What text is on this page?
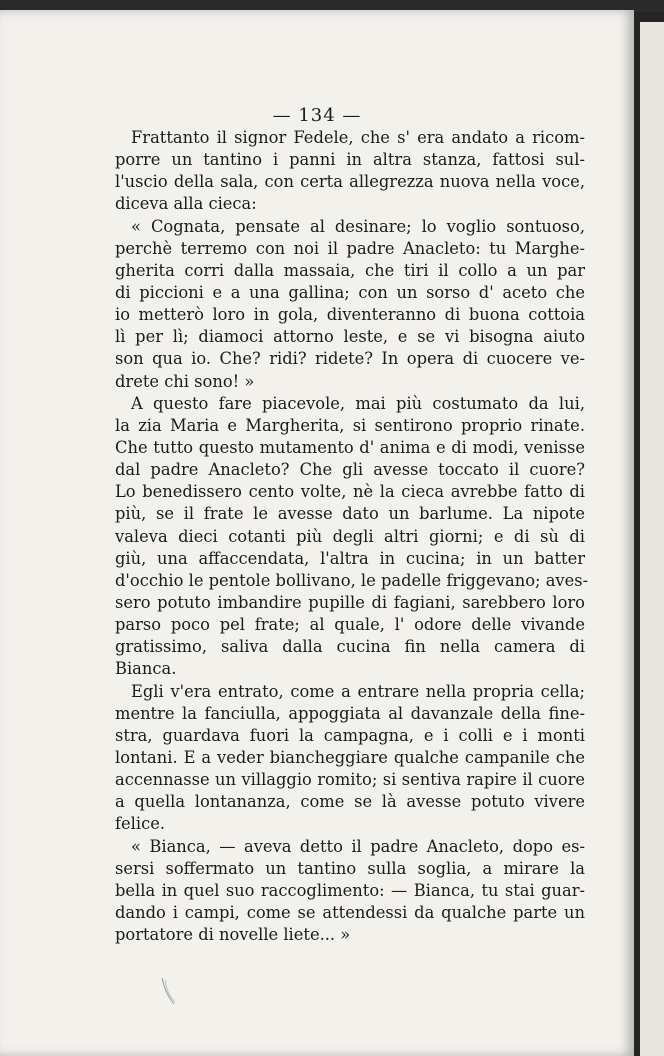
— 134 —
Frattanto il signor Fedele, che s' era andato a ricom-
porre un tantino i panni in altra stanza, fattosi sul-
l'uscio della sala, con certa allegrezza nuova nella voce,
diceva alla cieca:
« Cognata, pensate al desinare; lo voglio sontuoso,
perchè terremo con noi il padre Anacleto: tu Marghe-
gherita corri dalla massaia, che tiri il collo a un par
di piccioni e a una gallina; con un sorso d' aceto che
io metterò loro in gola, diventeranno di buona cottoia
lì per lì; diamoci attorno leste, e se vi bisogna aiuto
son qua io. Che? ridi? ridete? In opera di cuocere ve-
drete chi sono! »
A questo fare piacevole, mai più costumato da lui,
la zia Maria e Margherita, si sentirono proprio rinate.
Che tutto questo mutamento d' anima e di modi, venisse
dal padre Anacleto? Che gli avesse toccato il cuore?
Lo benedissero cento volte, nè la cieca avrebbe fatto di
più, se il frate le avesse dato un barlume. La nipote
valeva dieci cotanti più degli altri giorni; e di sù di
giù, una affaccendata, l'altra in cucina; in un batter
d'occhio le pentole bollivano, le padelle friggevano; aves-
sero potuto imbandire pupille di fagiani, sarebbero loro
parso poco pel frate; al quale, l' odore delle vivande
gratissimo, saliva dalla cucina fin nella camera di
Bianca.
Egli v'era entrato, come a entrare nella propria cella;
mentre la fanciulla, appoggiata al davanzale della fine-
stra, guardava fuori la campagna, e i colli e i monti
lontani. E a veder biancheggiare qualche campanile che
accennasse un villaggio romito; si sentiva rapire il cuore
a quella lontananza, come se là avesse potuto vivere
felice.
« Bianca, — aveva detto il padre Anacleto, dopo es-
sersi soffermato un tantino sulla soglia, a mirare la
bella in quel suo raccoglimento: — Bianca, tu stai guar-
dando i campi, come se attendessi da qualche parte un
portatore di novelle liete... »
